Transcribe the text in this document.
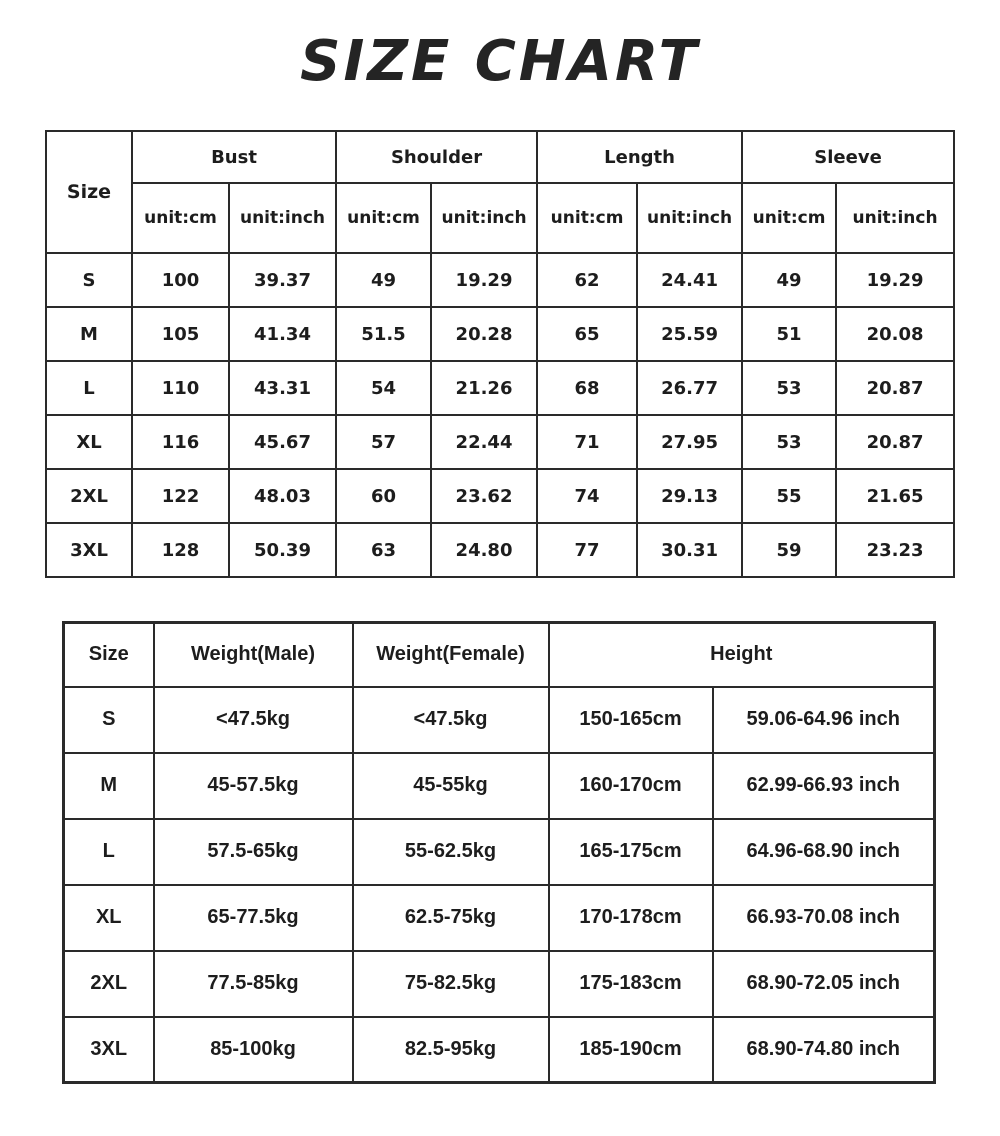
SIZE CHART
Size	Bust		Shoulder		Length		Sleeve	
	unit:cm	unit:inch	unit:cm	unit:inch	unit:cm	unit:inch	unit:cm	unit:inch
S	100	39.37	49	19.29	62	24.41	49	19.29
M	105	41.34	51.5	20.28	65	25.59	51	20.08
L	110	43.31	54	21.26	68	26.77	53	20.87
XL	116	45.67	57	22.44	71	27.95	53	20.87
2XL	122	48.03	60	23.62	74	29.13	55	21.65
3XL	128	50.39	63	24.80	77	30.31	59	23.23
Size	Weight(Male)	Weight(Female)	Height	
S	<47.5kg	<47.5kg	150-165cm	59.06-64.96 inch
M	45-57.5kg	45-55kg	160-170cm	62.99-66.93 inch
L	57.5-65kg	55-62.5kg	165-175cm	64.96-68.90 inch
XL	65-77.5kg	62.5-75kg	170-178cm	66.93-70.08 inch
2XL	77.5-85kg	75-82.5kg	175-183cm	68.90-72.05 inch
3XL	85-100kg	82.5-95kg	185-190cm	68.90-74.80 inch
